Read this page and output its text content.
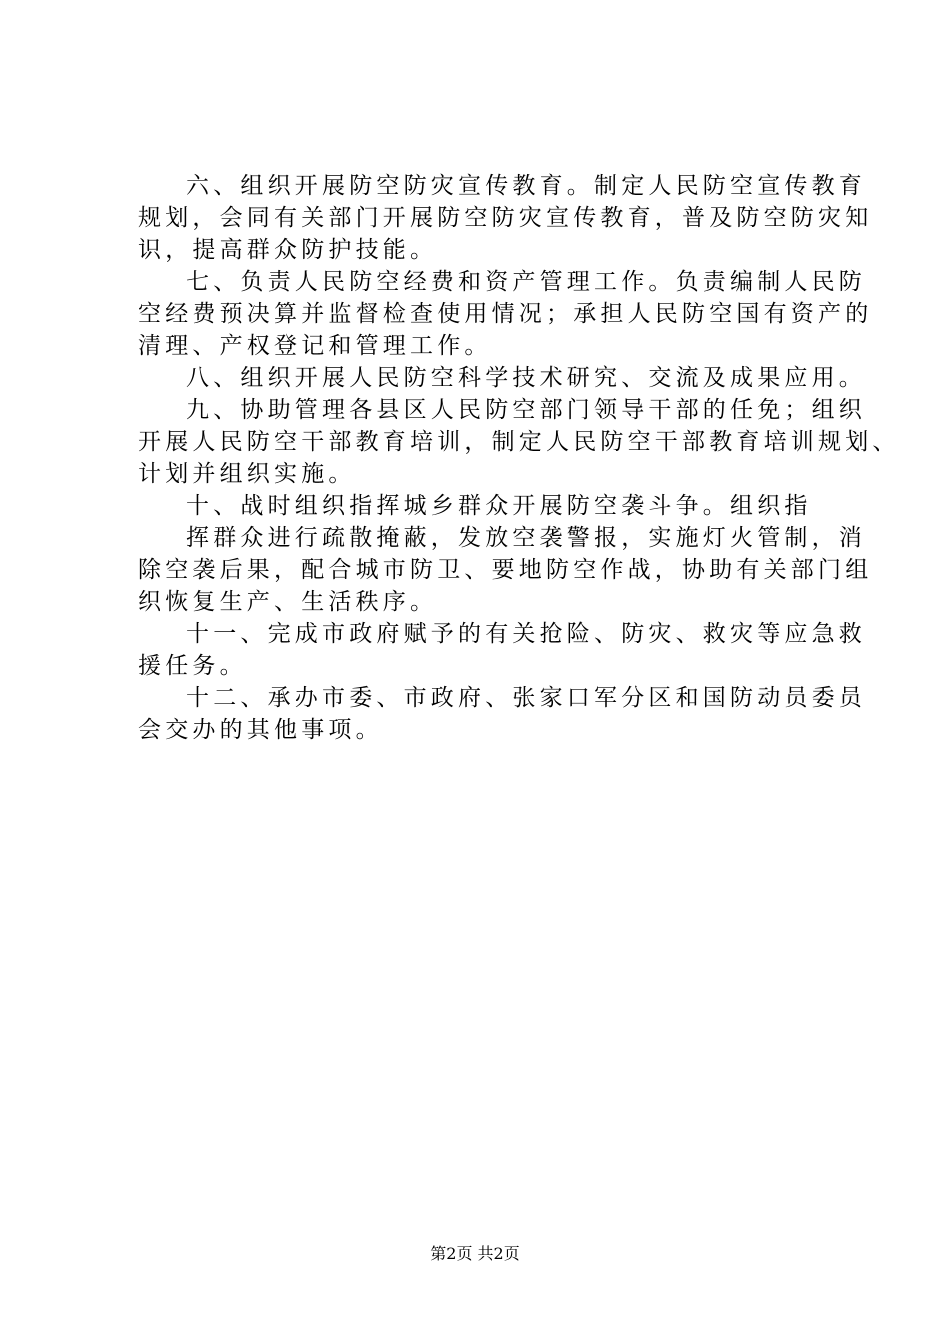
六、组织开展防空防灾宣传教育。制定人民防空宣传教育
规划，会同有关部门开展防空防灾宣传教育，普及防空防灾知
识，提高群众防护技能。
七、负责人民防空经费和资产管理工作。负责编制人民防
空经费预决算并监督检查使用情况；承担人民防空国有资产的
清理、产权登记和管理工作。
八、组织开展人民防空科学技术研究、交流及成果应用。
九、协助管理各县区人民防空部门领导干部的任免；组织
开展人民防空干部教育培训，制定人民防空干部教育培训规划、
计划并组织实施。
十、战时组织指挥城乡群众开展防空袭斗争。组织指
挥群众进行疏散掩蔽，发放空袭警报，实施灯火管制，消
除空袭后果，配合城市防卫、要地防空作战，协助有关部门组
织恢复生产、生活秩序。
十一、完成市政府赋予的有关抢险、防灾、救灾等应急救
援任务。
十二、承办市委、市政府、张家口军分区和国防动员委员
会交办的其他事项。
第2页 共2页
